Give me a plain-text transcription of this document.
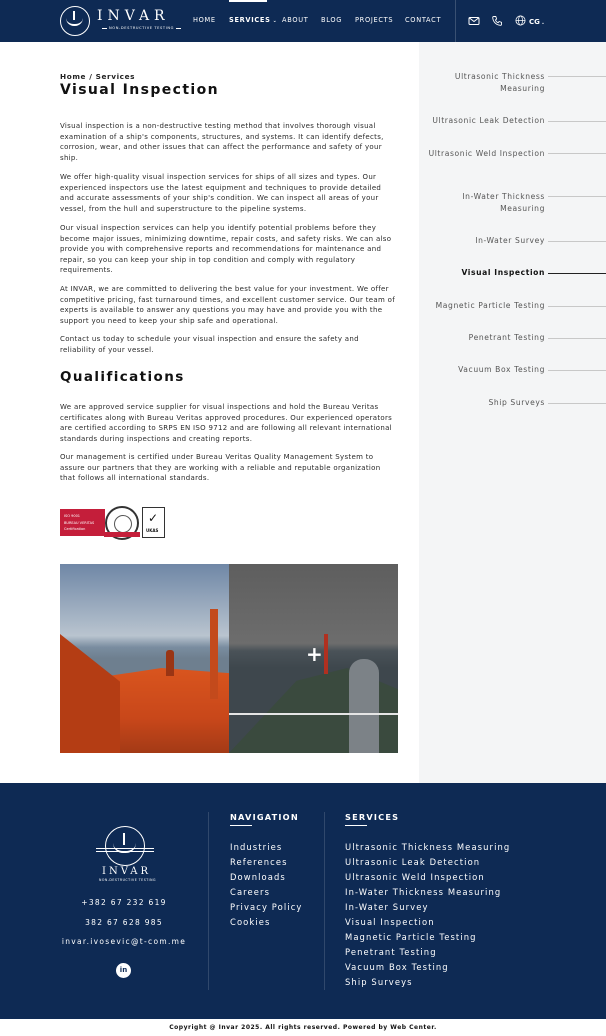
INVAR
NON-DESTRUCTIVE TESTING
HOME SERVICES ⌄ ABOUT BLOG PROJECTS CONTACT	CG⌄
Ultrasonic Thickness Measuring
Ultrasonic Leak Detection
Ultrasonic Weld Inspection
In-Water Thickness Measuring
In-Water Survey
Visual Inspection
Magnetic Particle Testing
Penetrant Testing
Vacuum Box Testing
Ship Surveys
Home / Services
Visual Inspection

Visual inspection is a non-destructive testing method that involves thorough visual examination of a ship's components, structures, and systems. It can identify defects, corrosion, wear, and other issues that can affect the performance and safety of your ship.

We offer high-quality visual inspection services for ships of all sizes and types. Our experienced inspectors use the latest equipment and techniques to provide detailed and accurate assessments of your ship's condition. We can inspect all areas of your vessel, from the hull and superstructure to the pipeline systems.

Our visual inspection services can help you identify potential problems before they become major issues, minimizing downtime, repair costs, and safety risks. We can also provide you with comprehensive reports and recommendations for maintenance and repair, so you can keep your ship in top condition and comply with regulatory requirements.

At INVAR, we are committed to delivering the best value for your investment. We offer competitive pricing, fast turnaround times, and excellent customer service. Our team of experts is available to answer any questions you may have and provide you with the support you need to keep your ship safe and operational.

Contact us today to schedule your visual inspection and ensure the safety and reliability of your vessel.

Qualifications

We are approved service supplier for visual inspections and hold the Bureau Veritas certificates along with Bureau Veritas approved procedures. Our experienced operators are certified according to SRPS EN ISO 9712 and are following all relevant international standards during inspections and creating reports.

Our management is certified under Bureau Veritas Quality Management System to assure our partners that they are working with a reliable and reputable organization that follows all international standards.

ISO 9001
BUREAU VERITAS
Certification
✓
UKAS
+
INVAR
NON-DESTRUCTIVE TESTING
+382 67 232 619
382 67 628 985
invar.ivosevic@t-com.me
in
NAVIGATION
Industries
References
Downloads
Careers
Privacy Policy
Cookies
SERVICES
Ultrasonic Thickness Measuring
Ultrasonic Leak Detection
Ultrasonic Weld Inspection
In-Water Thickness Measuring
In-Water Survey
Visual Inspection
Magnetic Particle Testing
Penetrant Testing
Vacuum Box Testing
Ship Surveys
Copyright @ Invar 2025. All rights reserved. Powered by Web Center.
